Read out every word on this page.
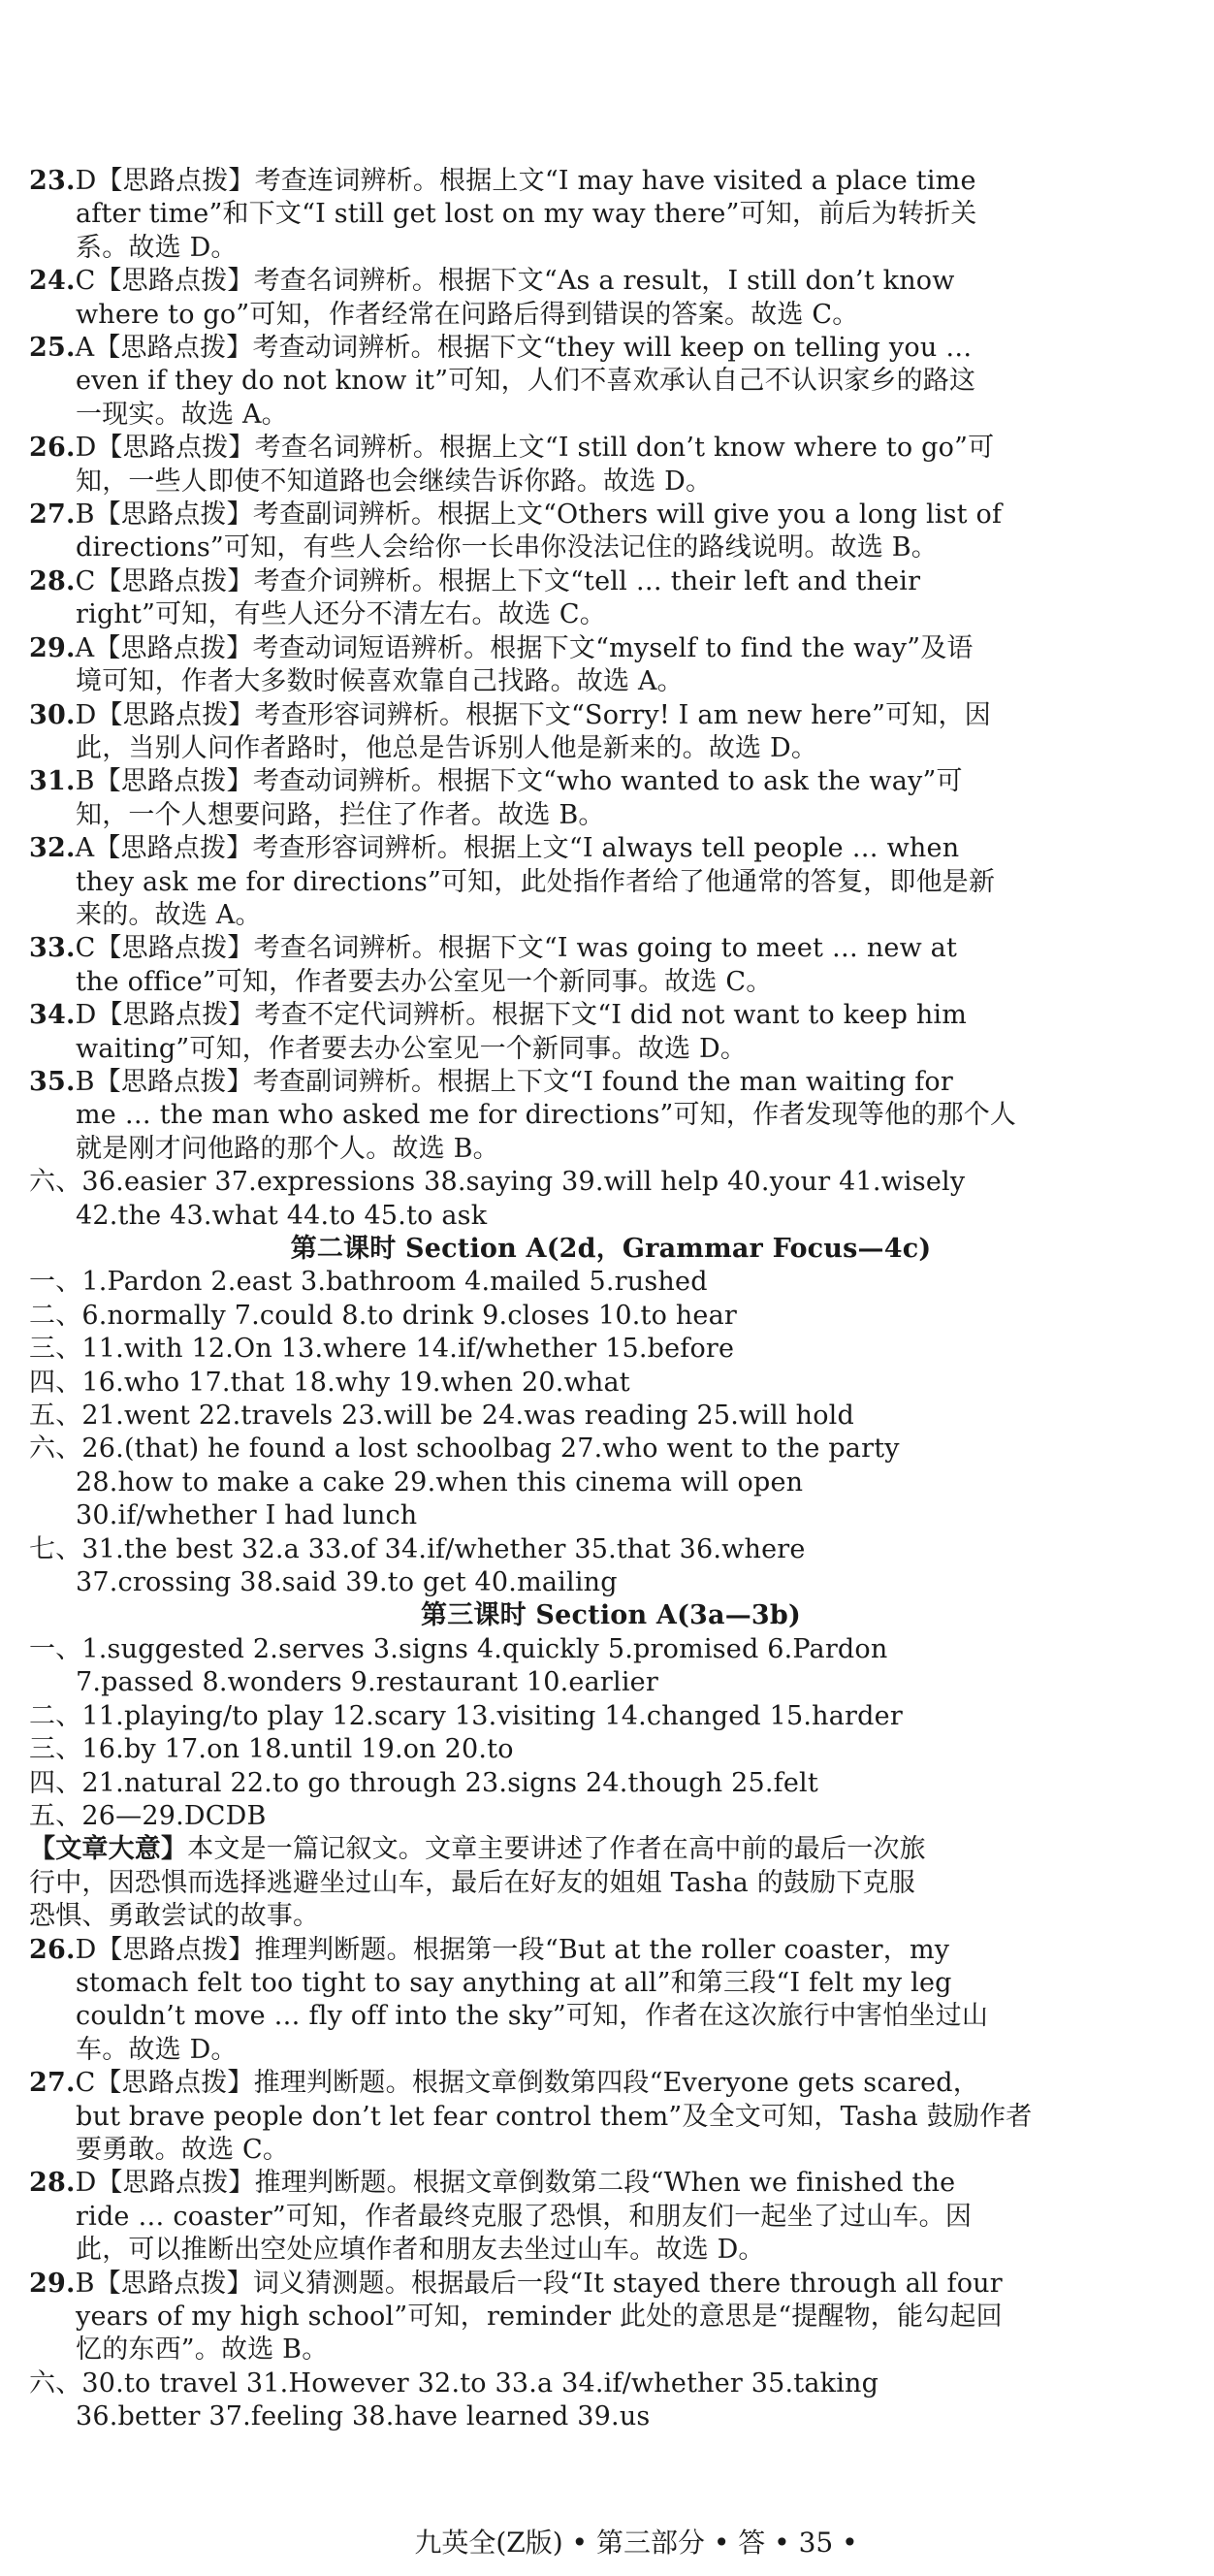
23.D【思路点拨】考查连词辨析。根据上文“I may have visited a place time
after time”和下文“I still get lost on my way there”可知，前后为转折关
系。故选 D。
24.C【思路点拨】考查名词辨析。根据下文“As a result，I still don’t know
where to go”可知，作者经常在问路后得到错误的答案。故选 C。
25.A【思路点拨】考查动词辨析。根据下文“they will keep on telling you …
even if they do not know it”可知，人们不喜欢承认自己不认识家乡的路这
一现实。故选 A。
26.D【思路点拨】考查名词辨析。根据上文“I still don’t know where to go”可
知，一些人即使不知道路也会继续告诉你路。故选 D。
27.B【思路点拨】考查副词辨析。根据上文“Others will give you a long list of
directions”可知，有些人会给你一长串你没法记住的路线说明。故选 B。
28.C【思路点拨】考查介词辨析。根据上下文“tell … their left and their
right”可知，有些人还分不清左右。故选 C。
29.A【思路点拨】考查动词短语辨析。根据下文“myself to find the way”及语
境可知，作者大多数时候喜欢靠自己找路。故选 A。
30.D【思路点拨】考查形容词辨析。根据下文“Sorry! I am new here”可知，因
此，当别人问作者路时，他总是告诉别人他是新来的。故选 D。
31.B【思路点拨】考查动词辨析。根据下文“who wanted to ask the way”可
知，一个人想要问路，拦住了作者。故选 B。
32.A【思路点拨】考查形容词辨析。根据上文“I always tell people … when
they ask me for directions”可知，此处指作者给了他通常的答复，即他是新
来的。故选 A。
33.C【思路点拨】考查名词辨析。根据下文“I was going to meet … new at
the office”可知，作者要去办公室见一个新同事。故选 C。
34.D【思路点拨】考查不定代词辨析。根据下文“I did not want to keep him
waiting”可知，作者要去办公室见一个新同事。故选 D。
35.B【思路点拨】考查副词辨析。根据上下文“I found the man waiting for
me … the man who asked me for directions”可知，作者发现等他的那个人
就是刚才问他路的那个人。故选 B。
六、36.easier 37.expressions 38.saying 39.will help 40.your 41.wisely
42.the 43.what 44.to 45.to ask
第二课时 Section A(2d，Grammar Focus—4c)
一、1.Pardon 2.east 3.bathroom 4.mailed 5.rushed
二、6.normally 7.could 8.to drink 9.closes 10.to hear
三、11.with 12.On 13.where 14.if/whether 15.before
四、16.who 17.that 18.why 19.when 20.what
五、21.went 22.travels 23.will be 24.was reading 25.will hold
六、26.(that) he found a lost schoolbag 27.who went to the party
28.how to make a cake 29.when this cinema will open
30.if/whether I had lunch
七、31.the best 32.a 33.of 34.if/whether 35.that 36.where
37.crossing 38.said 39.to get 40.mailing
第三课时 Section A(3a—3b)
一、1.suggested 2.serves 3.signs 4.quickly 5.promised 6.Pardon
7.passed 8.wonders 9.restaurant 10.earlier
二、11.playing/to play 12.scary 13.visiting 14.changed 15.harder
三、16.by 17.on 18.until 19.on 20.to
四、21.natural 22.to go through 23.signs 24.though 25.felt
五、26—29.DCDB
【文章大意】本文是一篇记叙文。文章主要讲述了作者在高中前的最后一次旅
行中，因恐惧而选择逃避坐过山车，最后在好友的姐姐 Tasha 的鼓励下克服
恐惧、勇敢尝试的故事。
26.D【思路点拨】推理判断题。根据第一段“But at the roller coaster，my
stomach felt too tight to say anything at all”和第三段“I felt my leg
couldn’t move … fly off into the sky”可知，作者在这次旅行中害怕坐过山
车。故选 D。
27.C【思路点拨】推理判断题。根据文章倒数第四段“Everyone gets scared，
but brave people don’t let fear control them”及全文可知，Tasha 鼓励作者
要勇敢。故选 C。
28.D【思路点拨】推理判断题。根据文章倒数第二段“When we finished the
ride … coaster”可知，作者最终克服了恐惧，和朋友们一起坐了过山车。因
此，可以推断出空处应填作者和朋友去坐过山车。故选 D。
29.B【思路点拨】词义猜测题。根据最后一段“It stayed there through all four
years of my high school”可知，reminder 此处的意思是“提醒物，能勾起回
忆的东西”。故选 B。
六、30.to travel 31.However 32.to 33.a 34.if/whether 35.taking
36.better 37.feeling 38.have learned 39.us
九英全(Z版) • 第三部分 • 答 • 35 •
